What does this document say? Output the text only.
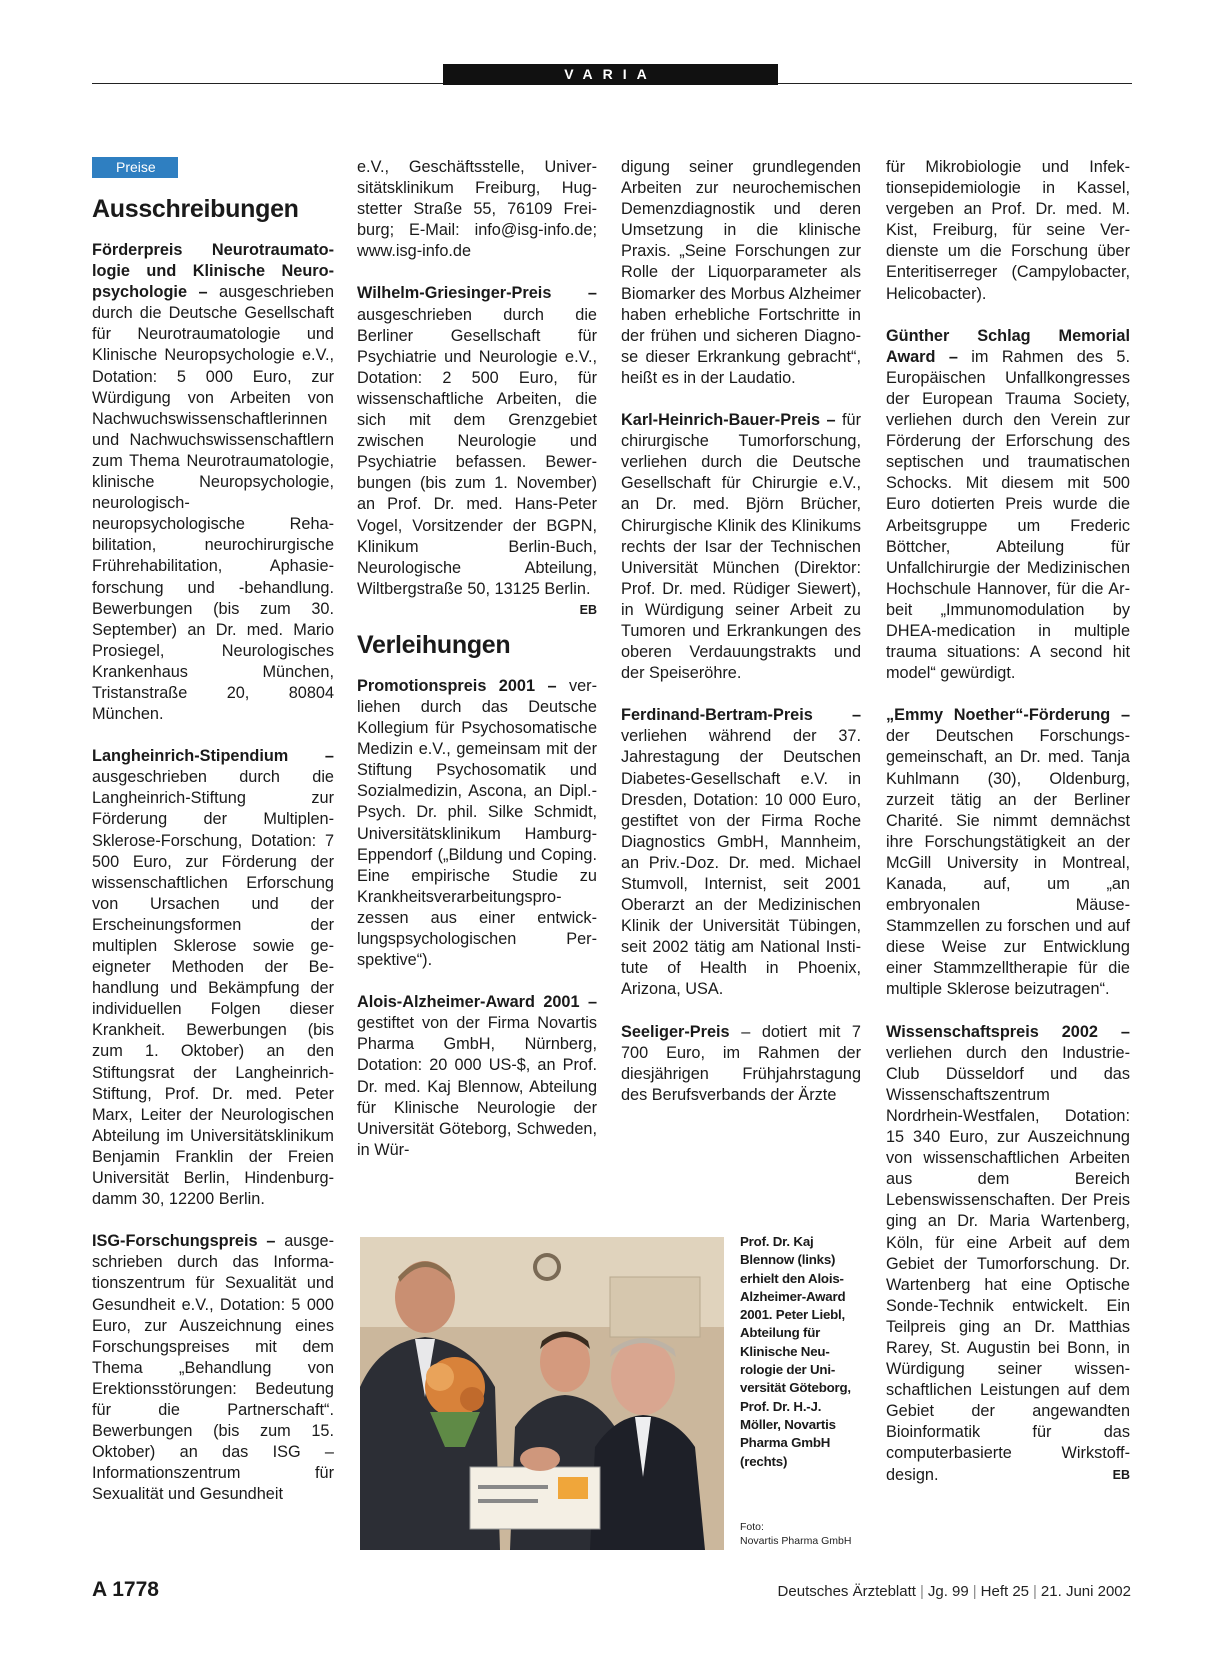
VARIA
Preise
Ausschreibungen

Förderpreis Neurotraumatologie und Klinische Neuropsychologie – ausgeschrieben durch die Deutsche Gesellschaft für Neurotraumatologie und Klinische Neuropsychologie e.V., Dotation: 5 000 Euro, zur Würdigung von Arbeiten von Nachwuchswissenschaftlerinnen und Nachwuchswissenschaftlern zum Thema Neurotraumatologie, klinische Neuropsychologie, neurologisch-neuropsychologische Rehabilitation, neurochirurgische Frührehabilitation, Aphasieforschung und -behandlung. Bewerbungen (bis zum 30. September) an Dr. med. Mario Prosiegel, Neurologisches Krankenhaus München, Tristanstraße 20, 80804 München.

Langheinrich-Stipendium – ausgeschrieben durch die Langheinrich-Stiftung zur Förderung der Multiplen-Sklerose-Forschung, Dotation: 7 500 Euro, zur Förderung der wissenschaftlichen Erforschung von Ursachen und der Erscheinungsformen der multiplen Sklerose sowie geeigneter Methoden der Behandlung und Bekämpfung der individuellen Folgen dieser Krankheit. Bewerbungen (bis zum 1. Oktober) an den Stiftungsrat der Langheinrich-Stiftung, Prof. Dr. med. Peter Marx, Leiter der Neurologischen Abteilung im Universitätsklinikum Benjamin Franklin der Freien Universität Berlin, Hindenburgdamm 30, 12200 Berlin.

ISG-Forschungspreis – ausgeschrieben durch das Informationszentrum für Sexualität und Gesundheit e.V., Dotation: 5 000 Euro, zur Auszeichnung eines Forschungspreises mit dem Thema „Behandlung von Erektionsstörungen: Bedeutung für die Partnerschaft“. Bewerbungen (bis zum 15. Oktober) an das ISG – Informationszentrum für Sexualität und Gesundheit

e.V., Geschäftsstelle, Universitätsklinikum Freiburg, Hugstetter Straße 55, 76109 Freiburg; E-Mail: info@isg-info.de; www.isg-info.de

Wilhelm-Griesinger-Preis – ausgeschrieben durch die Berliner Gesellschaft für Psychiatrie und Neurologie e.V., Dotation: 2 500 Euro, für wissenschaftliche Arbeiten, die sich mit dem Grenzgebiet zwischen Neurologie und Psychiatrie befassen. Bewerbungen (bis zum 1. November) an Prof. Dr. med. Hans-Peter Vogel, Vorsitzender der BGPN, Klinikum Berlin-Buch, Neurologische Abteilung, Wiltbergstraße 50, 13125 Berlin.
EB

Verleihungen

Promotionspreis 2001 – verliehen durch das Deutsche Kollegium für Psychosomatische Medizin e.V., gemeinsam mit der Stiftung Psychosomatik und Sozialmedizin, Ascona, an Dipl.-Psych. Dr. phil. Silke Schmidt, Universitätsklinikum Hamburg-Eppendorf („Bildung und Coping. Eine empirische Studie zu Krankheitsverarbeitungsprozessen aus einer entwicklungspsychologischen Perspektive“).

Alois-Alzheimer-Award 2001 – gestiftet von der Firma Novartis Pharma GmbH, Nürnberg, Dotation: 20 000 US-$, an Prof. Dr. med. Kaj Blennow, Abteilung für Klinische Neurologie der Universität Göteborg, Schweden, in Wür-

digung seiner grundlegenden Arbeiten zur neurochemischen Demenzdiagnostik und deren Umsetzung in die klinische Praxis. „Seine Forschungen zur Rolle der Liquorparameter als Biomarker des Morbus Alzheimer haben erhebliche Fortschritte in der frühen und sicheren Diagnose dieser Erkrankung gebracht“, heißt es in der Laudatio.

Karl-Heinrich-Bauer-Preis – für chirurgische Tumorforschung, verliehen durch die Deutsche Gesellschaft für Chirurgie e.V., an Dr. med. Björn Brücher, Chirurgische Klinik des Klinikums rechts der Isar der Technischen Universität München (Direktor: Prof. Dr. med. Rüdiger Siewert), in Würdigung seiner Arbeit zu Tumoren und Erkrankungen des oberen Verdauungstrakts und der Speiseröhre.

Ferdinand-Bertram-Preis – verliehen während der 37. Jahrestagung der Deutschen Diabetes-Gesellschaft e.V. in Dresden, Dotation: 10 000 Euro, gestiftet von der Firma Roche Diagnostics GmbH, Mannheim, an Priv.-Doz. Dr. med. Michael Stumvoll, Internist, seit 2001 Oberarzt an der Medizinischen Klinik der Universität Tübingen, seit 2002 tätig am National Institute of Health in Phoenix, Arizona, USA.

Seeliger-Preis – dotiert mit 7 700 Euro, im Rahmen der diesjährigen Frühjahrstagung des Berufsverbands der Ärzte

für Mikrobiologie und Infektionsepidemiologie in Kassel, vergeben an Prof. Dr. med. M. Kist, Freiburg, für seine Verdienste um die Forschung über Enteritiserreger (Campylobacter, Helicobacter).

Günther Schlag Memorial Award – im Rahmen des 5. Europäischen Unfallkongresses der European Trauma Society, verliehen durch den Verein zur Förderung der Erforschung des septischen und traumatischen Schocks. Mit diesem mit 500 Euro dotierten Preis wurde die Arbeitsgruppe um Frederic Böttcher, Abteilung für Unfallchirurgie der Medizinischen Hochschule Hannover, für die Arbeit „Immunomodulation by DHEA-medication in multiple trauma situations: A second hit model“ gewürdigt.

„Emmy Noether“-Förderung – der Deutschen Forschungsgemeinschaft, an Dr. med. Tanja Kuhlmann (30), Oldenburg, zurzeit tätig an der Berliner Charité. Sie nimmt demnächst ihre Forschungstätigkeit an der McGill University in Montreal, Kanada, auf, um „an embryonalen Mäuse-Stammzellen zu forschen und auf diese Weise zur Entwicklung einer Stammzelltherapie für die multiple Sklerose beizutragen“.

Wissenschaftspreis 2002 – verliehen durch den Industrie-Club Düsseldorf und das Wissenschaftszentrum Nordrhein-Westfalen, Dotation: 15 340 Euro, zur Auszeichnung von wissenschaftlichen Arbeiten aus dem Bereich Lebenswissenschaften. Der Preis ging an Dr. Maria Wartenberg, Köln, für eine Arbeit auf dem Gebiet der Tumorforschung. Dr. Wartenberg hat eine Optische Sonde-Technik entwickelt. Ein Teilpreis ging an Dr. Matthias Rarey, St. Augustin bei Bonn, in Würdigung seiner wissenschaftlichen Leistungen auf dem Gebiet der angewandten Bioinformatik für das computerbasierte Wirkstoffdesign.	EB

Prof. Dr. Kaj Blennow (links) erhielt den Alois-Alzheimer-Award 2001. Peter Liebl, Abteilung für Klinische Neurologie der Universität Göteborg, Prof. Dr. H.-J. Möller, Novartis Pharma GmbH (rechts)
Foto:
Novartis Pharma GmbH
A 1778	Deutsches Ärzteblatt | Jg. 99 | Heft 25 | 21. Juni 2002
